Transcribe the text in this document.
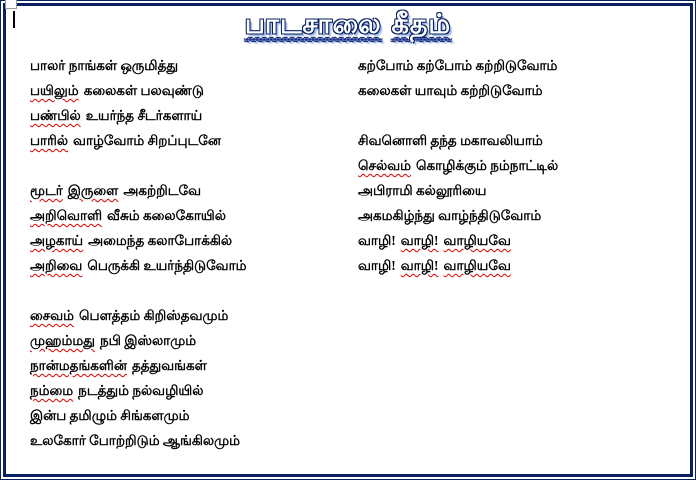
பாடசாலை கீதம்
பாலர் நாங்கள் ஒருமித்து
பயிலும் கலைகள் பலவுண்டு
பண்பில் உயர்ந்த சீடர்களாய்
பாரில் வாழ்வோம் சிறப்புடனே
மூடர் இருளை அகற்றிடவே
அறிவொளி வீசும் கலைகோயில்
அழகாய் அமைந்த கலாபோக்கில்
அறிவை பெருக்கி உயர்ந்திடுவோம்
சைவம் பௌத்தம் கிறிஸ்தவமும்
முஹம்மது நபி இஸ்லாமும்
நான்மதங்களின் தத்துவங்கள்
நம்மை நடத்தும் நல்வழியில்
இன்ப தமிழும் சிங்களமும்
உலகோர் போற்றிடும் ஆங்கிலமும்
கற்போம் கற்போம் கற்றிடுவோம்
கலைகள் யாவும் கற்றிடுவோம்
சிவனொளி தந்த மகாவலியாம்
செல்வம் கொழிக்கும் நம்நாட்டில்
அபிராமி கல்லூரியை
அகமகிழ்ந்து வாழ்ந்திடுவோம்
வாழி! வாழி! வாழியவே
வாழி! வாழி! வாழியவே
